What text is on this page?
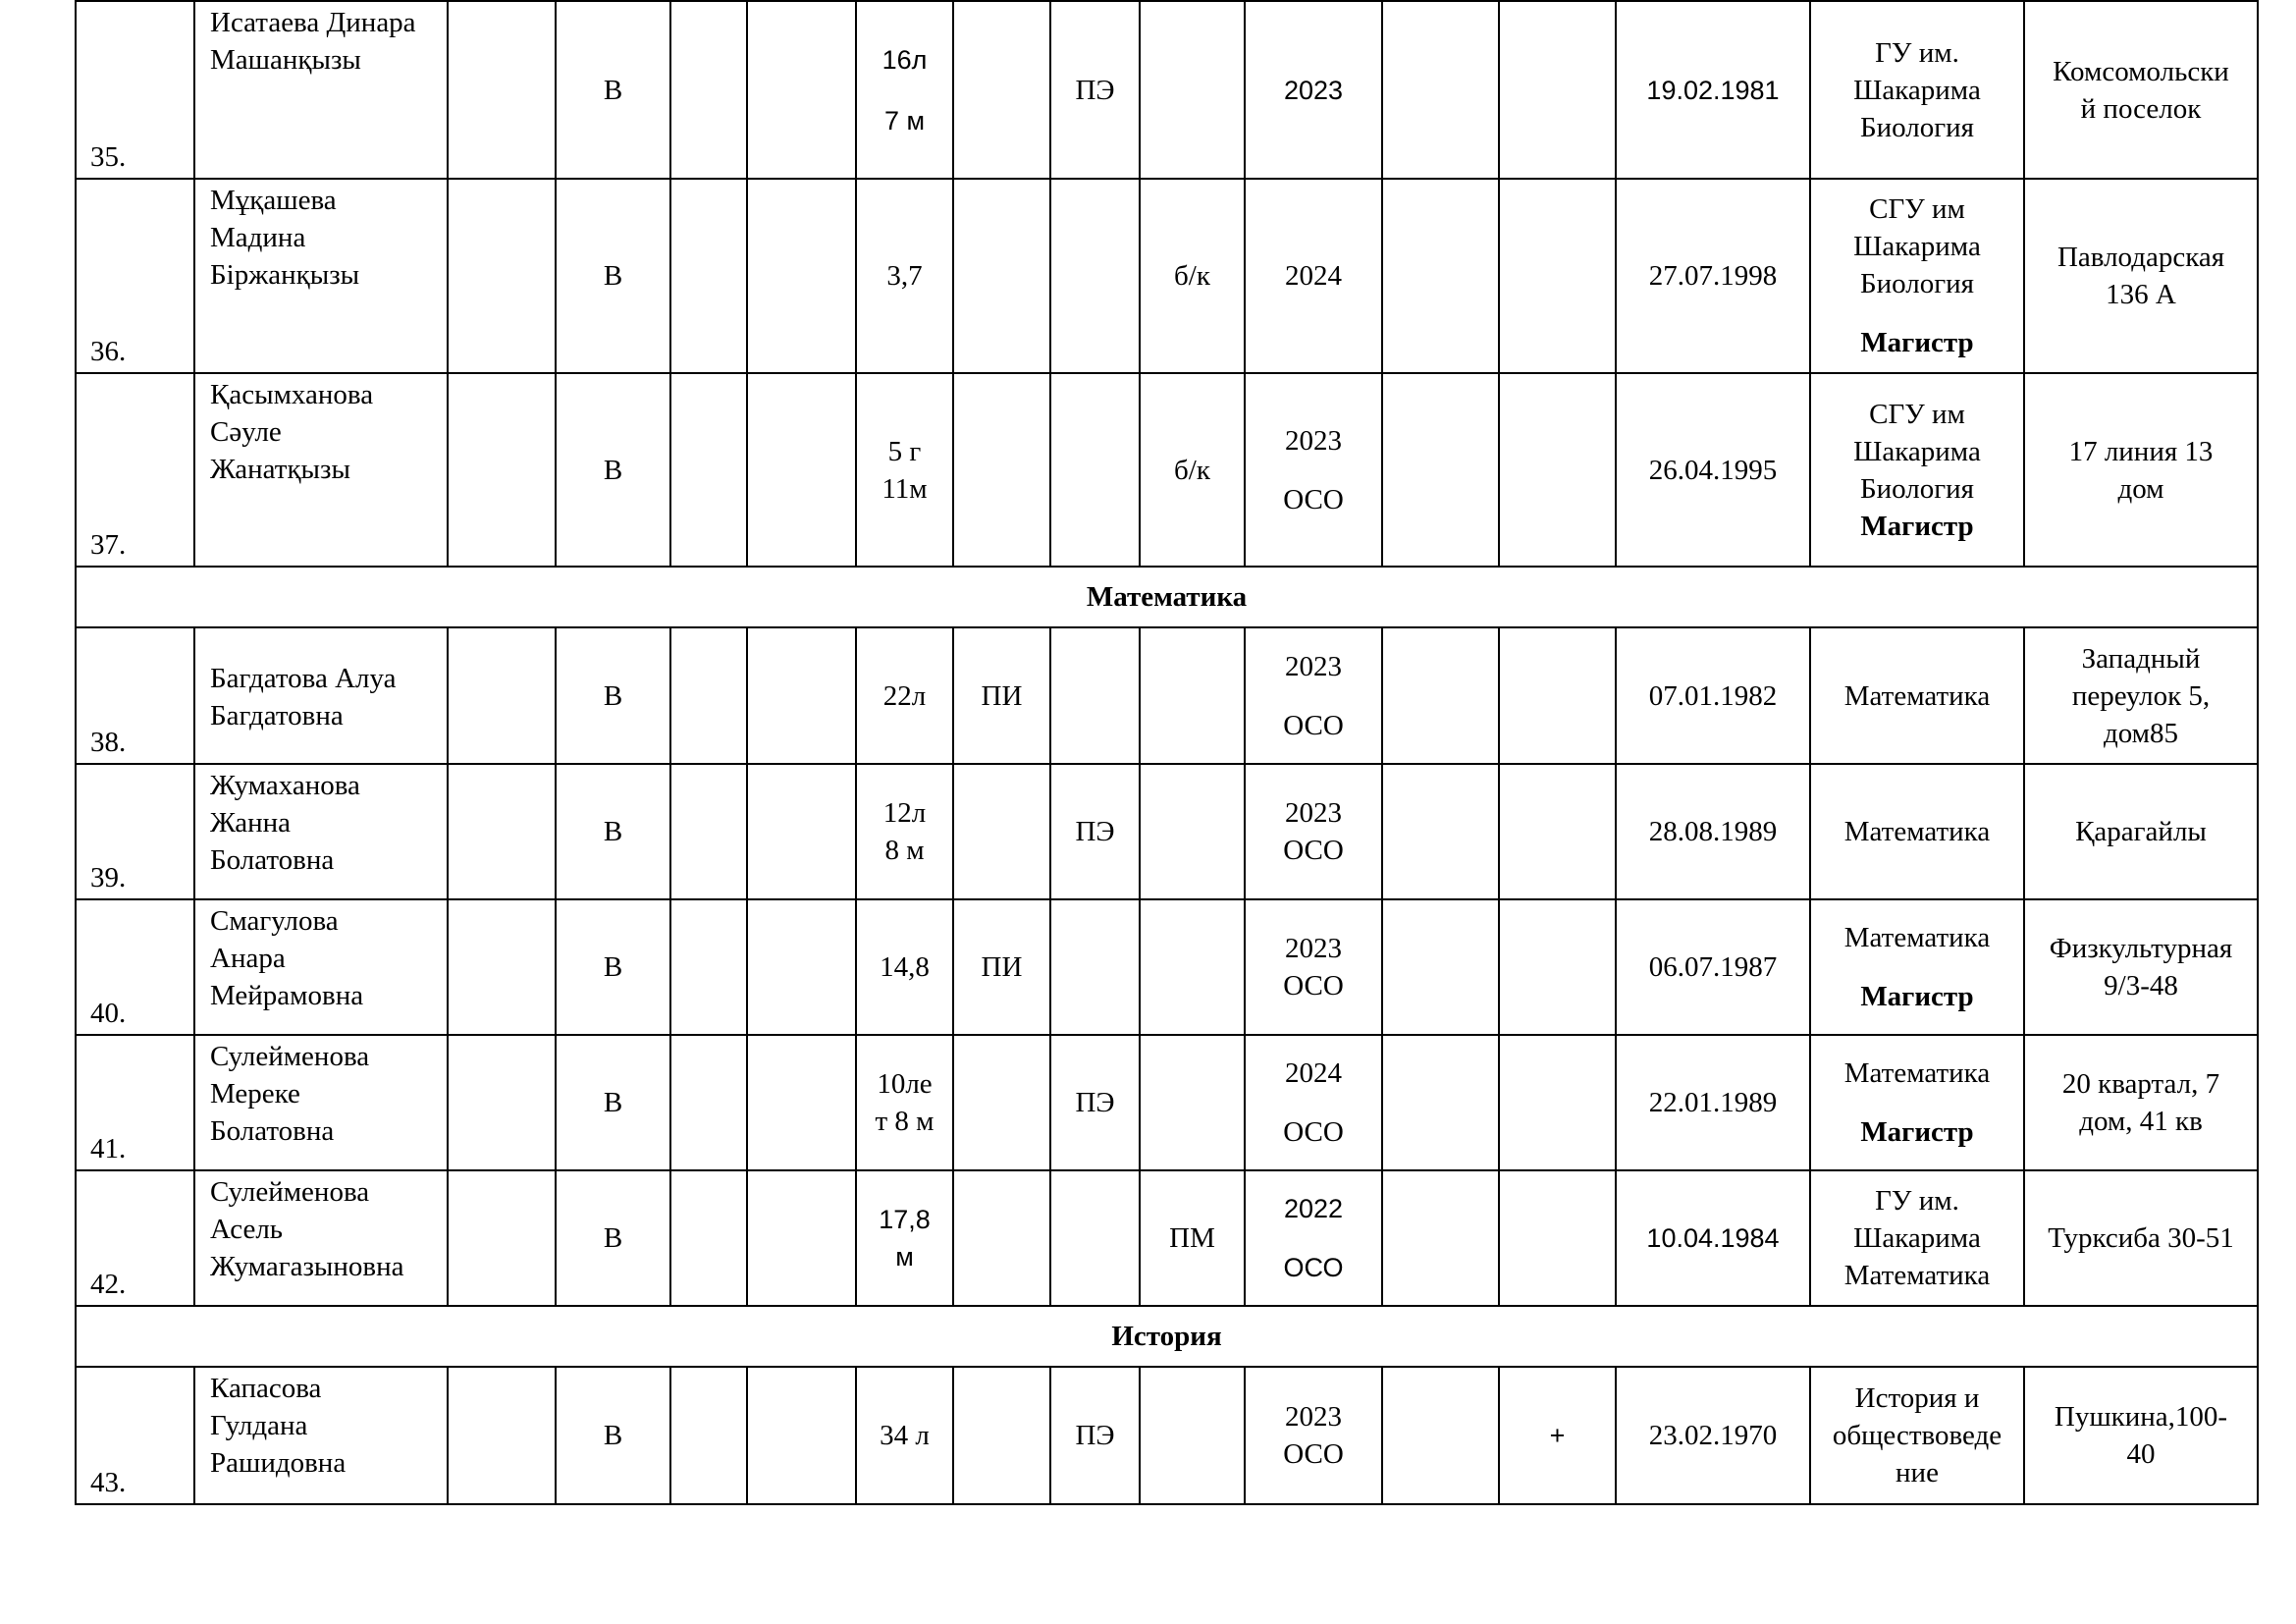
35.	Исатаева Динара
Машанқызы		В			16л
7 м		ПЭ		2023			19.02.1981	ГУ им.
Шакарима
Биология	Комсомольски
й поселок

36.	Мұқашева
Мадина
Біржанқызы		В			3,7			б/к	2024			27.07.1998	СГУ им
Шакарима
Биология
Магистр	Павлодарская
136 А

37.	Қасымханова
Сәуле
Жанатқызы		В			5 г
11м			б/к	2023
ОСО			26.04.1995	СГУ им
Шакарима
Биология
Магистр	17 линия 13
дом

Математика															
38.	Багдатова Алуа
Багдатовна		В			22л	ПИ			2023
ОСО			07.01.1982	Математика	Западный
переулок 5,
дом85

39.	Жумаханова
Жанна
Болатовна		В			12л
8 м		ПЭ		2023
ОСО			28.08.1989	Математика	Қарагайлы
40.	Смагулова
Анара
Мейрамовна		В			14,8	ПИ			2023
ОСО			06.07.1987	Математика
Магистр	Физкультурная
9/3-48

41.	Сулейменова
Мереке
Болатовна		В			10ле
т 8 м		ПЭ		2024
ОСО			22.01.1989	Математика
Магистр	20 квартал, 7
дом, 41 кв

42.	Сулейменова
Асель
Жумагазыновна		В			17,8
м			ПМ	2022
ОСО			10.04.1984	ГУ им.
Шакарима
Математика	Турксиба 30-51
История															
43.	Капасова
Гулдана
Рашидовна		В			34 л		ПЭ		2023
ОСО		+	23.02.1970	История и
обществоведе
ние	Пушкина,100-
40
